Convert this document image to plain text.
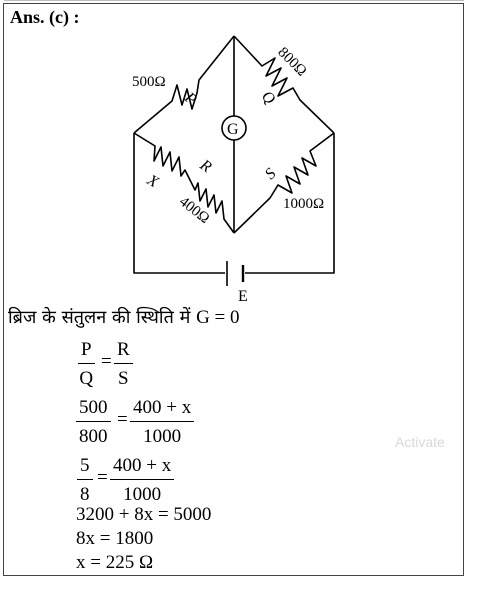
Ans. (c) :
500Ω
P
800Ω
Q
G
R
X
400Ω
S
1000Ω
E
ब्रिज के संतुलन की स्थिति में G = 0
$\frac{P}{Q} = \frac{R}{S}$
$\frac{500}{800} = \frac{400 + x}{1000}$
$\frac{5}{8} = \frac{400 + x}{1000}$
3200 + 8x = 5000
8x = 1800
x = 225 Ω
Activate
